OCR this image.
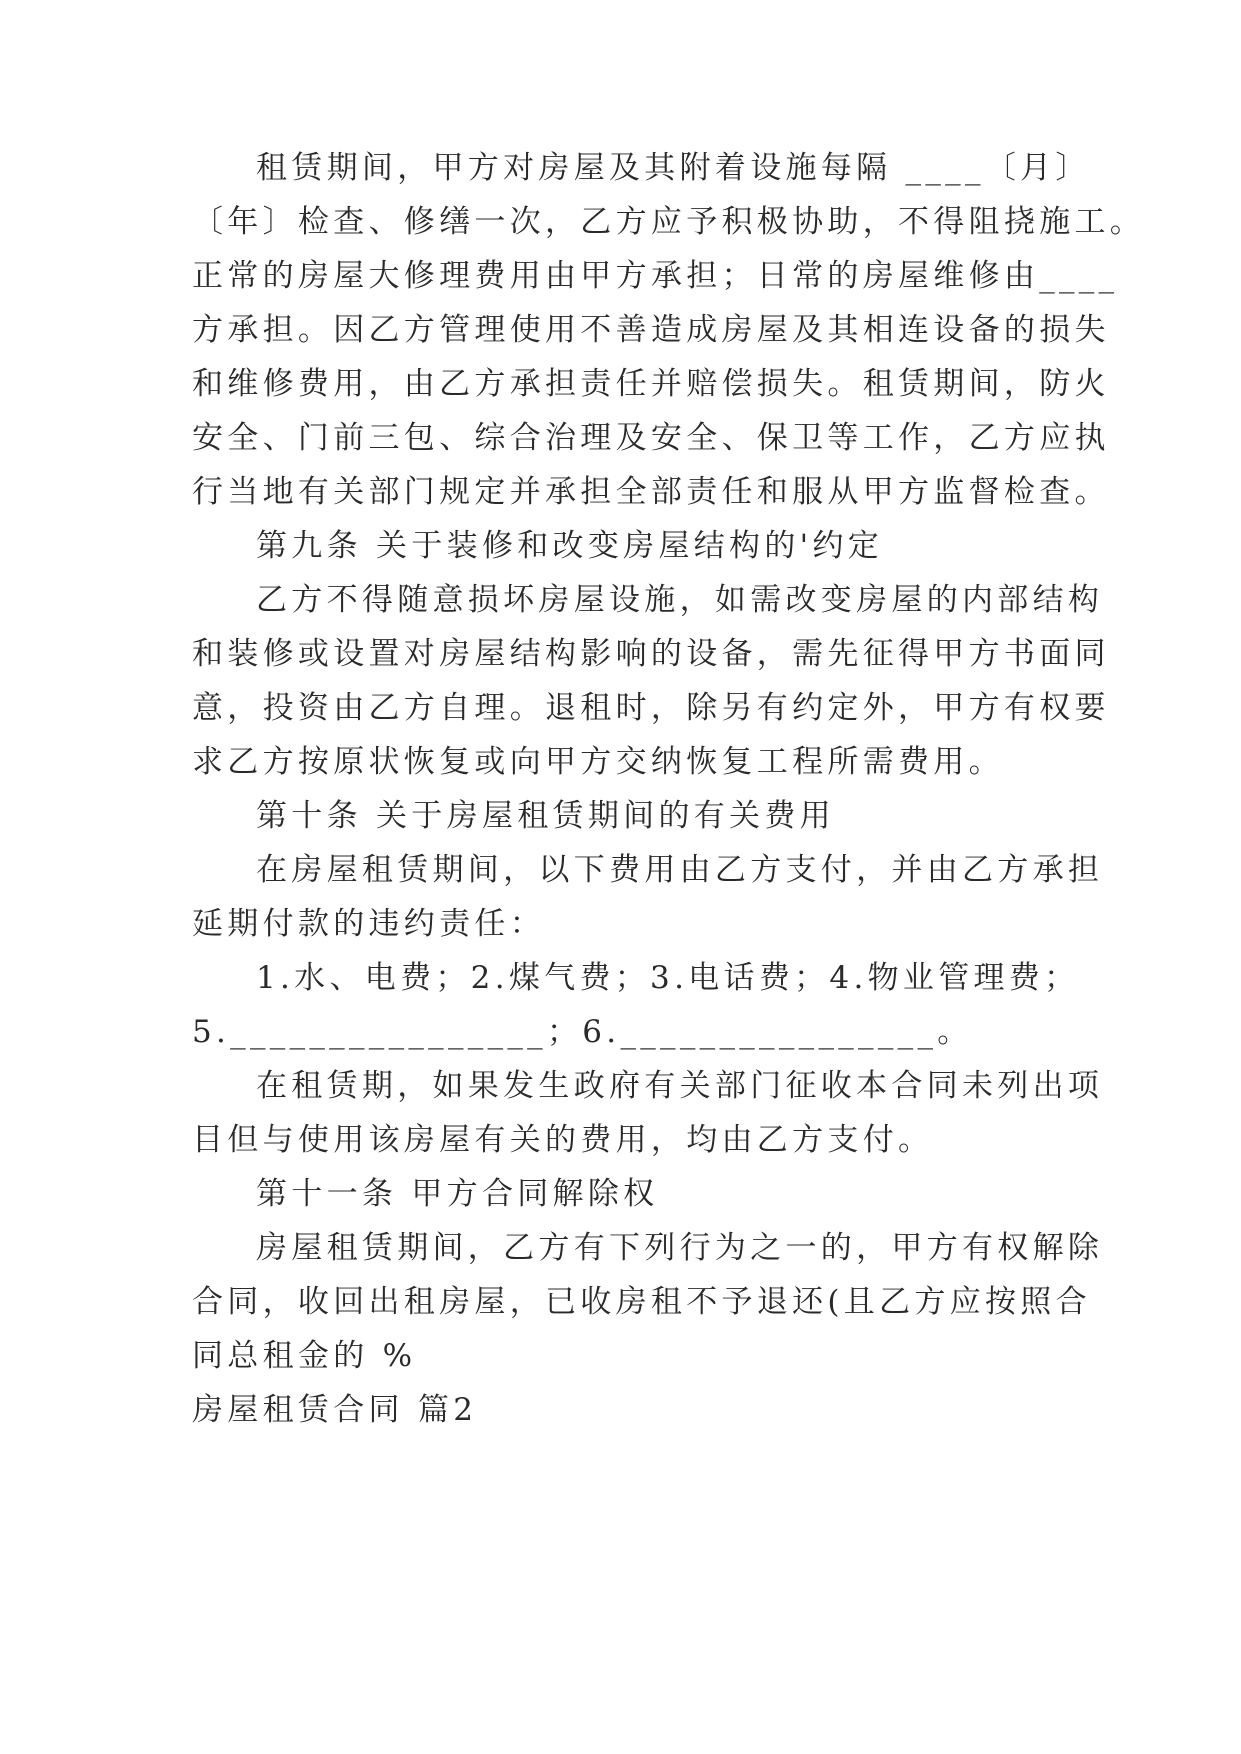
租赁期间，甲方对房屋及其附着设施每隔 ____〔月〕
〔年〕检查、修缮一次，乙方应予积极协助，不得阻挠施工。
正常的房屋大修理费用由甲方承担；日常的房屋维修由____
方承担。因乙方管理使用不善造成房屋及其相连设备的损失
和维修费用，由乙方承担责任并赔偿损失。租赁期间，防火
安全、门前三包、综合治理及安全、保卫等工作，乙方应执
行当地有关部门规定并承担全部责任和服从甲方监督检查。
第九条 关于装修和改变房屋结构的'约定
乙方不得随意损坏房屋设施，如需改变房屋的内部结构
和装修或设置对房屋结构影响的设备，需先征得甲方书面同
意，投资由乙方自理。退租时，除另有约定外，甲方有权要
求乙方按原状恢复或向甲方交纳恢复工程所需费用。
第十条 关于房屋租赁期间的有关费用
在房屋租赁期间，以下费用由乙方支付，并由乙方承担
延期付款的违约责任：
1.水、电费；2.煤气费；3.电话费；4.物业管理费；
5.________________；6.________________。
在租赁期，如果发生政府有关部门征收本合同未列出项
目但与使用该房屋有关的费用，均由乙方支付。
第十一条 甲方合同解除权
房屋租赁期间，乙方有下列行为之一的，甲方有权解除
合同，收回出租房屋，已收房租不予退还(且乙方应按照合
同总租金的 %
房屋租赁合同 篇2
